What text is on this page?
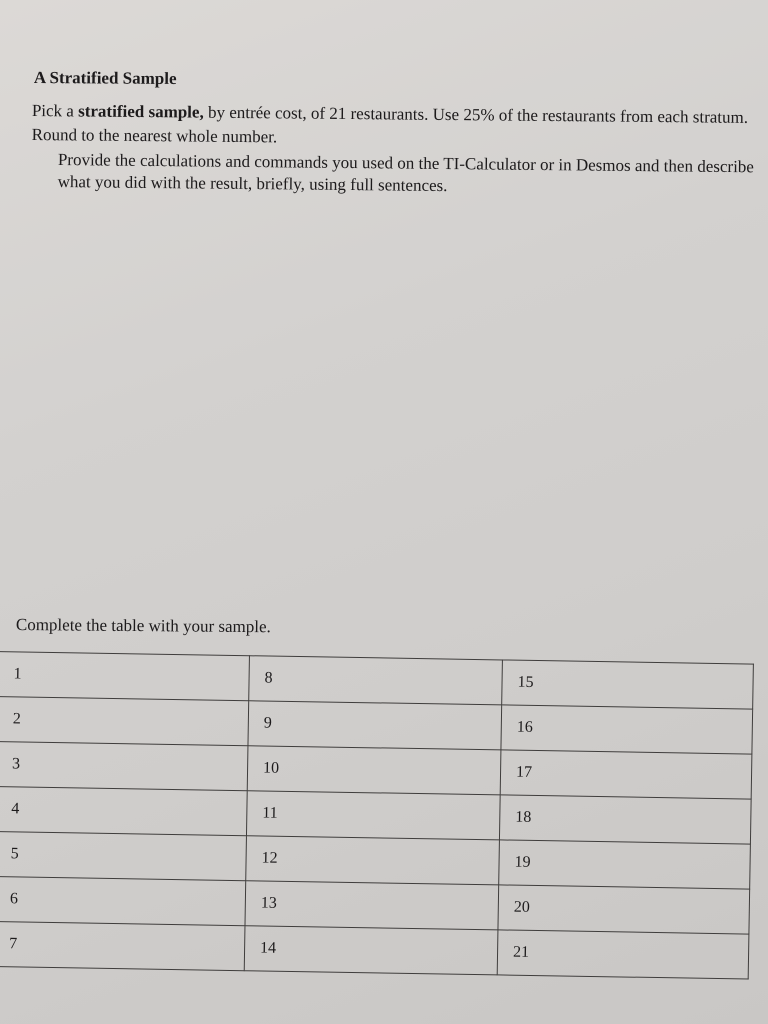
A Stratified Sample
Pick a stratified sample, by entrée cost, of 21 restaurants. Use 25% of the restaurants from each stratum. Round to the nearest whole number.
Provide the calculations and commands you used on the TI-Calculator or in Desmos and then describe what you did with the result, briefly, using full sentences.
Complete the table with your sample.
1	8	15
2	9	16
3	10	17
4	11	18
5	12	19
6	13	20
7	14	21
